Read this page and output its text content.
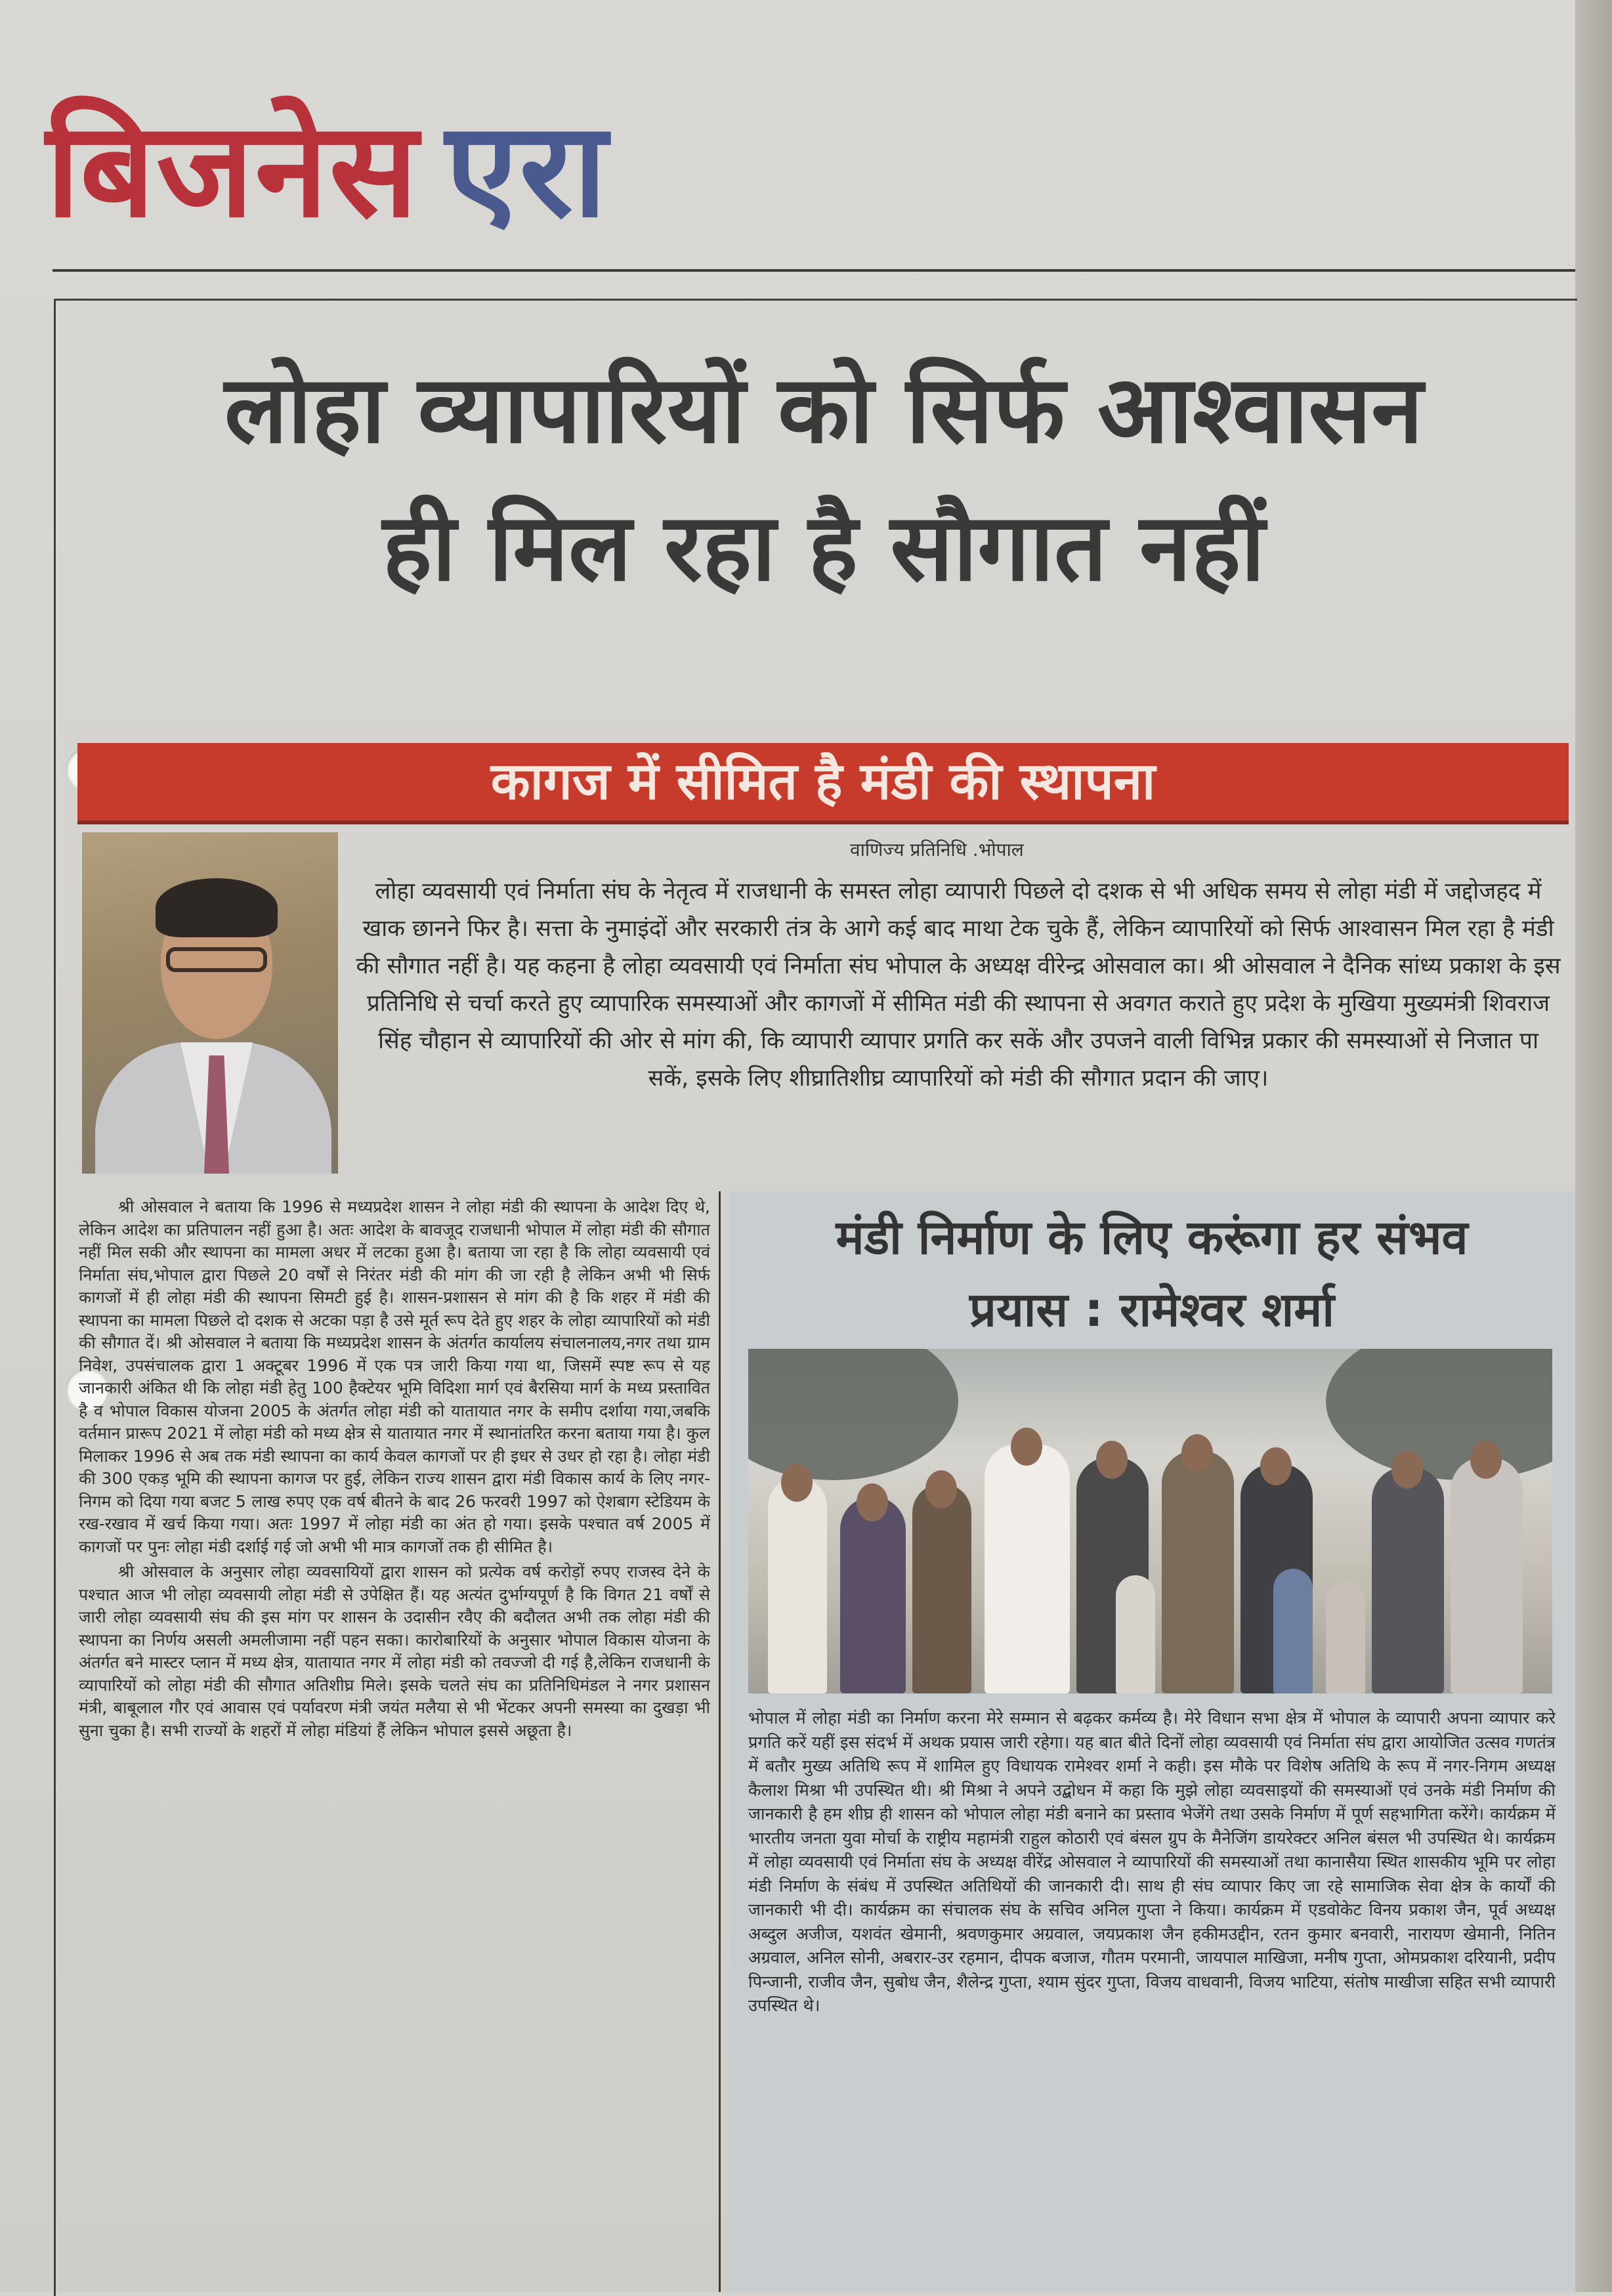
बिजनेस एरा
लोहा व्यापारियों को सिर्फ आश्वासन
ही मिल रहा है सौगात नहीं
कागज में सीमित है मंडी की स्थापना
वाणिज्य प्रतिनिधि .भोपाल
लोहा व्यवसायी एवं निर्माता संघ के नेतृत्व में राजधानी के समस्त लोहा व्यापारी पिछले दो दशक से भी अधिक समय से लोहा मंडी में जद्दोजहद में खाक छानने फिर है। सत्ता के नुमाइंदों और सरकारी तंत्र के आगे कई बाद माथा टेक चुके हैं, लेकिन व्यापारियों को सिर्फ आश्वासन मिल रहा है मंडी की सौगात नहीं है। यह कहना है लोहा व्यवसायी एवं निर्माता संघ भोपाल के अध्यक्ष वीरेन्द्र ओसवाल का। श्री ओसवाल ने दैनिक सांध्य प्रकाश के इस प्रतिनिधि से चर्चा करते हुए व्यापारिक समस्याओं और कागजों में सीमित मंडी की स्थापना से अवगत कराते हुए प्रदेश के मुखिया मुख्यमंत्री शिवराज सिंह चौहान से व्यापारियों की ओर से मांग की, कि व्यापारी व्यापार प्रगति कर सकें और उपजने वाली विभिन्न प्रकार की समस्याओं से निजात पा सकें, इसके लिए शीघ्रातिशीघ्र व्यापारियों को मंडी की सौगात प्रदान की जाए।

श्री ओसवाल ने बताया कि 1996 से मध्यप्रदेश शासन ने लोहा मंडी की स्थापना के आदेश दिए थे, लेकिन आदेश का प्रतिपालन नहीं हुआ है। अतः आदेश के बावजूद राजधानी भोपाल में लोहा मंडी की सौगात नहीं मिल सकी और स्थापना का मामला अधर में लटका हुआ है। बताया जा रहा है कि लोहा व्यवसायी एवं निर्माता संघ,भोपाल द्वारा पिछले 20 वर्षों से निरंतर मंडी की मांग की जा रही है लेकिन अभी भी सिर्फ कागजों में ही लोहा मंडी की स्थापना सिमटी हुई है। शासन-प्रशासन से मांग की है कि शहर में मंडी की स्थापना का मामला पिछले दो दशक से अटका पड़ा है उसे मूर्त रूप देते हुए शहर के लोहा व्यापारियों को मंडी की सौगात दें। श्री ओसवाल ने बताया कि मध्यप्रदेश शासन के अंतर्गत कार्यालय संचालनालय,नगर तथा ग्राम निवेश, उपसंचालक द्वारा 1 अक्टूबर 1996 में एक पत्र जारी किया गया था, जिसमें स्पष्ट रूप से यह जानकारी अंकित थी कि लोहा मंडी हेतु 100 हैक्टेयर भूमि विदिशा मार्ग एवं बैरसिया मार्ग के मध्य प्रस्तावित है व भोपाल विकास योजना 2005 के अंतर्गत लोहा मंडी को यातायात नगर के समीप दर्शाया गया,जबकि वर्तमान प्रारूप 2021 में लोहा मंडी को मध्य क्षेत्र से यातायात नगर में स्थानांतरित करना बताया गया है। कुल मिलाकर 1996 से अब तक मंडी स्थापना का कार्य केवल कागजों पर ही इधर से उधर हो रहा है। लोहा मंडी की 300 एकड़ भूमि की स्थापना कागज पर हुई, लेकिन राज्य शासन द्वारा मंडी विकास कार्य के लिए नगर-निगम को दिया गया बजट 5 लाख रुपए एक वर्ष बीतने के बाद 26 फरवरी 1997 को ऐशबाग स्टेडियम के रख-रखाव में खर्च किया गया। अतः 1997 में लोहा मंडी का अंत हो गया। इसके पश्चात वर्ष 2005 में कागजों पर पुनः लोहा मंडी दर्शाई गई जो अभी भी मात्र कागजों तक ही सीमित है।

श्री ओसवाल के अनुसार लोहा व्यवसायियों द्वारा शासन को प्रत्येक वर्ष करोड़ों रुपए राजस्व देने के पश्चात आज भी लोहा व्यवसायी लोहा मंडी से उपेक्षित हैं। यह अत्यंत दुर्भाग्यपूर्ण है कि विगत 21 वर्षों से जारी लोहा व्यवसायी संघ की इस मांग पर शासन के उदासीन रवैए की बदौलत अभी तक लोहा मंडी की स्थापना का निर्णय असली अमलीजामा नहीं पहन सका। कारोबारियों के अनुसार भोपाल विकास योजना के अंतर्गत बने मास्टर प्लान में मध्य क्षेत्र, यातायात नगर में लोहा मंडी को तवज्जो दी गई है,लेकिन राजधानी के व्यापारियों को लोहा मंडी की सौगात अतिशीघ्र मिले। इसके चलते संघ का प्रतिनिधिमंडल ने नगर प्रशासन मंत्री, बाबूलाल गौर एवं आवास एवं पर्यावरण मंत्री जयंत मलैया से भी भेंटकर अपनी समस्या का दुखड़ा भी सुना चुका है। सभी राज्यों के शहरों में लोहा मंडियां हैं लेकिन भोपाल इससे अछूता है।

मंडी निर्माण के लिए करूंगा हर संभव
प्रयास : रामेश्वर शर्मा
भोपाल में लोहा मंडी का निर्माण करना मेरे सम्मान से बढ़कर कर्मव्य है। मेरे विधान सभा क्षेत्र में भोपाल के व्यापारी अपना व्यापार करे प्रगति करें यहीं इस संदर्भ में अथक प्रयास जारी रहेगा। यह बात बीते दिनों लोहा व्यवसायी एवं निर्माता संघ द्वारा आयोजित उत्सव गणतंत्र में बतौर मुख्य अतिथि रूप में शामिल हुए विधायक रामेश्वर शर्मा ने कही। इस मौके पर विशेष अतिथि के रूप में नगर-निगम अध्यक्ष कैलाश मिश्रा भी उपस्थित थी। श्री मिश्रा ने अपने उद्बोधन में कहा कि मुझे लोहा व्यवसाइयों की समस्याओं एवं उनके मंडी निर्माण की जानकारी है हम शीघ्र ही शासन को भोपाल लोहा मंडी बनाने का प्रस्ताव भेजेंगे तथा उसके निर्माण में पूर्ण सहभागिता करेंगे। कार्यक्रम में भारतीय जनता युवा मोर्चा के राष्ट्रीय महामंत्री राहुल कोठारी एवं बंसल ग्रुप के मैनेजिंग डायरेक्टर अनिल बंसल भी उपस्थित थे। कार्यक्रम में लोहा व्यवसायी एवं निर्माता संघ के अध्यक्ष वीरेंद्र ओसवाल ने व्यापारियों की समस्याओं तथा कानासैया स्थित शासकीय भूमि पर लोहा मंडी निर्माण के संबंध में उपस्थित अतिथियों की जानकारी दी। साथ ही संघ व्यापार किए जा रहे सामाजिक सेवा क्षेत्र के कार्यों की जानकारी भी दी। कार्यक्रम का संचालक संघ के सचिव अनिल गुप्ता ने किया। कार्यक्रम में एडवोकेट विनय प्रकाश जैन, पूर्व अध्यक्ष अब्दुल अजीज, यशवंत खेमानी, श्रवणकुमार अग्रवाल, जयप्रकाश जैन हकीमउद्दीन, रतन कुमार बनवारी, नारायण खेमानी, नितिन अग्रवाल, अनिल सोनी, अबरार-उर रहमान, दीपक बजाज, गौतम परमानी, जायपाल माखिजा, मनीष गुप्ता, ओमप्रकाश दरियानी, प्रदीप पिन्जानी, राजीव जैन, सुबोध जैन, शैलेन्द्र गुप्ता, श्याम सुंदर गुप्ता, विजय वाधवानी, विजय भाटिया, संतोष माखीजा सहित सभी व्यापारी उपस्थित थे।
